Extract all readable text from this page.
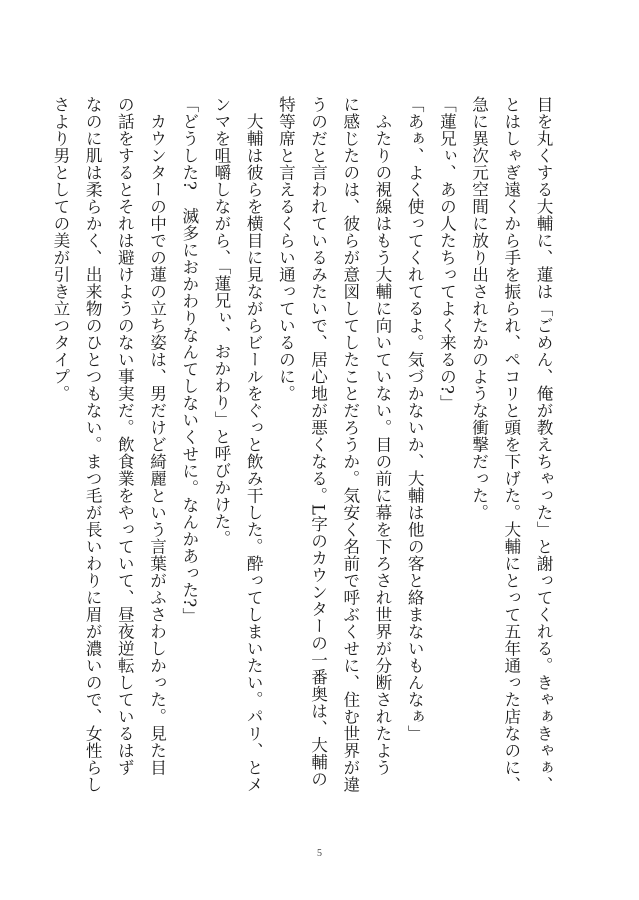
目を丸くする大輔に、蓮は「ごめん、俺が教えちゃった」と謝ってくれる。きゃぁきゃぁ、
とはしゃぎ遠くから手を振られ、ペコリと頭を下げた。大輔にとって五年通った店なのに、
急に異次元空間に放り出されたかのような衝撃だった。
「蓮兄ぃ、あの人たちってよく来るの?」
「あぁ、よく使ってくれてるよ。気づかないか、大輔は他の客と絡まないもんなぁ」
　ふたりの視線はもう大輔に向いていない。目の前に幕を下ろされ世界が分断されたよう
に感じたのは、彼らが意図してしたことだろうか。気安く名前で呼ぶくせに、住む世界が違
うのだと言われているみたいで、居心地が悪くなる。L字のカウンターの一番奥は、大輔の
特等席と言えるくらい通っているのに。
　大輔は彼らを横目に見ながらビールをぐっと飲み干した。酔ってしまいたい。パリ、とメ
ンマを咀嚼しながら、「蓮兄ぃ、おかわり」と呼びかけた。
「どうした?　滅多におかわりなんてしないくせに。なんかあった?」
　カウンターの中での蓮の立ち姿は、男だけど綺麗という言葉がふさわしかった。見た目
の話をするとそれは避けようのない事実だ。飲食業をやっていて、昼夜逆転しているはず
なのに肌は柔らかく、出来物のひとつもない。まつ毛が長いわりに眉が濃いので、女性らし
さより男としての美が引き立つタイプ。
5
